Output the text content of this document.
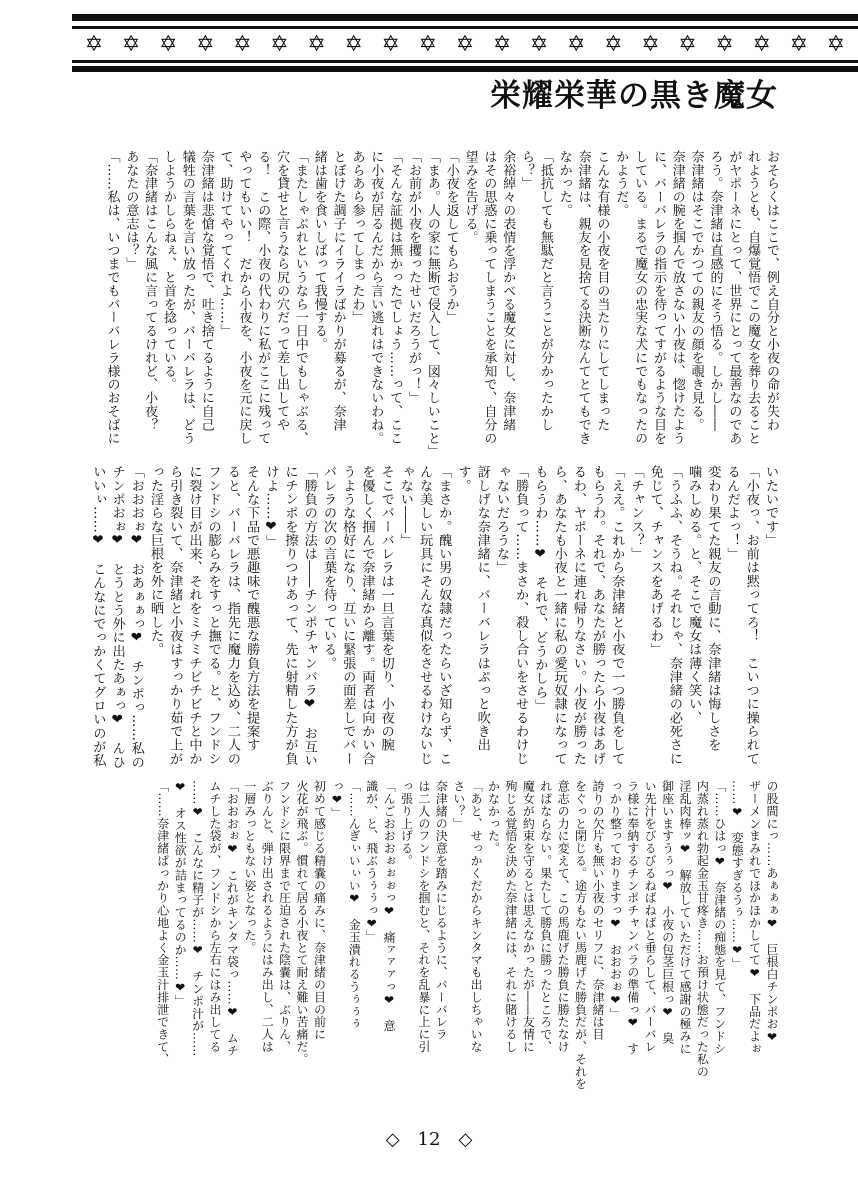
✡ ✡ ✡ ✡ ✡ ✡ ✡ ✡ ✡ ✡ ✡ ✡ ✡ ✡ ✡ ✡ ✡ ✡ ✡ ✡ ✡
栄耀栄華の黒き魔女

おそらくはここで、例え自分と小夜の命が失わ

れようとも、自爆覚悟でこの魔女を葬り去ること

がヤポーネにとって、世界にとって最善なのであ

ろう。奈津緒は直感的にそう悟る。しかし――

奈津緒はそこでかつての親友の顔を覗き見る。

奈津緒の腕を掴んで放さない小夜は、惚けたよう

に、バーバレラの指示を待ってすがるような目を

している。まるで魔女の忠実な犬にでもなったの

かようだ。

こんな有様の小夜を目の当たりにしてしまった

奈津緒は、親友を見捨てる決断なんてとてもでき

なかった。

「抵抗しても無駄だと言うことが分かったかし

ら？」

余裕綽々の表情を浮かべる魔女に対し、奈津緒

はその思惑に乗ってしまうことを承知で、自分の

望みを告げる。

「小夜を返してもらおうか」

「まあ。人の家に無断で侵入して、図々しいこと」

「お前が小夜を攫ったせいだろうがっ！」

「そんな証拠は無かったでしょう……って、ここ

に小夜が居るんだから言い逃れはできないわね。

あらあら参ってしまったわ」

とぼけた調子にイライラばかりが募るが、奈津

緒は歯を食いしばって我慢する。

「またしゃぶれというなら一日中でもしゃぶる、

穴を貸せと言うなら尻の穴だって差し出してや

る！　この際、小夜の代わりに私がここに残って

やってもいい！　だから小夜を、小夜を元に戻し

て、助けてやってくれよ……」

奈津緒は悲愴な覚悟で、吐き捨てるように自己

犠牲の言葉を言い放ったが、バーバレラは、どう

しようかしらねぇ、と首を捻っている。

「奈津緒はこんな風に言ってるけれど、小夜？

あなたの意志は？」

「……私は、いつまでもバーバレラ様のおそばに

いたいです」

「小夜っ、お前は黙ってろ！　こいつに操られて

るんだよっ！」

変わり果てた親友の言動に、奈津緒は悔しさを

噛みしめる。と、そこで魔女は薄く笑い、

「うふふ、そうね。それじゃ、奈津緒の必死さに

免じて、チャンスをあげるわ」

「チャンス？」

「ええ。これから奈津緒と小夜で一つ勝負をして

もらうわ。それで、あなたが勝ったら小夜はあげ

るわ、ヤポーネに連れ帰りなさい。小夜が勝った

ら、あなたも小夜と一緒に私の愛玩奴隷になって

もらうわ……❤　それで、どうかしら」

「勝負って……まさか、殺し合いをさせるわけじ

ゃないだろうな」

訝しげな奈津緒に、バーバレラはぷっと吹き出

す。

「まさか。醜い男の奴隷だったらいざ知らず、こ

んな美しい玩具にそんな真似をさせるわけないじ

ゃない――」

そこでバーバレラは一旦言葉を切り、小夜の腕

を優しく掴んで奈津緒から離す。両者は向かい合

うような格好になり、互いに緊張の面差しでバー

バレラの次の言葉を待っている。

「勝負の方法は――チンポチャンバラ❤　お互い

にチンポを擦りつけあって、先に射精した方が負

けよ……❤」

そんな下品で悪趣味で醜悪な勝負方法を提案す

ると、バーバレラは、指先に魔力を込め、二人の

フンドシの膨らみをすっと撫でる。と、フンドシ

に裂け目が出来、それをミチミチビチビチと中か

ら引き裂いて、奈津緒と小夜はすっかり茹で上が

った淫らな巨根を外に晒した。

「おおおぉ❤　おあぁぁっ❤　チンポっ……私の

チンポおぉ❤　とうとう外に出たあぁっ❤　んひ

いいぃ……❤　こんなにでっかくてグロいのが私

の股間にっ……あぁぁぁ❤　巨根白チンポお❤

ザーメンまみれでほかほかしてて❤　下品だよぉ

……❤　変態すぎるうぅ……❤」

「……ひはっ❤　奈津緒の痴態を見て、フンドシ

内蒸れ蒸れ勃起金玉甘疼き……お預け状態だった私の

淫乱肉棒ッ❤　解放していただけて感謝の極みに

御座いますうぅっ❤　小夜の包茎巨根っ❤　臭

い先汁をびるびるねばねばと垂らして、バーバレ

ラ様に奉納するチンポチャンバラの準備っ❤　す

っかり整っておりますっ❤　おおおぉ❤」

誇りの欠片も無い小夜のセリフに、奈津緒は目

をぐっと閉じる。途方もない馬鹿げた勝負だが、それを

意志の力に変えて、この馬鹿げた勝負に勝たなけ

ればならない。果たして勝負に勝ったところで、

魔女が約束を守るとは思えなかったが――友情に

殉じる覚悟を決めた奈津緒には、それに賭けるし

かなかった。

「あと、せっかくだからキンタマも出しちゃいな

さい？」

奈津緒の決意を踏みにじるように、バーバレラ

は二人のフンドシを掴むと、それを乱暴に上に引

っ張り上げる。

「んごおおおぉぉぉっ❤　痛ァァァっ❤　意

識が、と、飛ぶうぅぅっ❤」

「……んぎぃいぃい❤　金玉潰れるうぅぅぅ

っ❤」

初めて感じる精嚢の痛みに、奈津緒の目の前に

火花が飛ぶ。慣れて居る小夜とて耐え難い苦痛だ。

フンドシに限界まで圧迫された陰嚢は、ぶりん、

ぶりんと、弾け出されるようにはみ出し、二人は

一層みっともない姿となった。

「おおおぉ❤　これがキンタマ袋っ……❤　ムチ

ムチした袋が、フンドシから左右にはみ出してる

……❤　こんなに精子が……❤　チンポ汁が……

❤　オス性欲が詰まってるのか……❤」

「……奈津緒ばっかり心地よく金玉汁排泄できて、

◇　12　◇
